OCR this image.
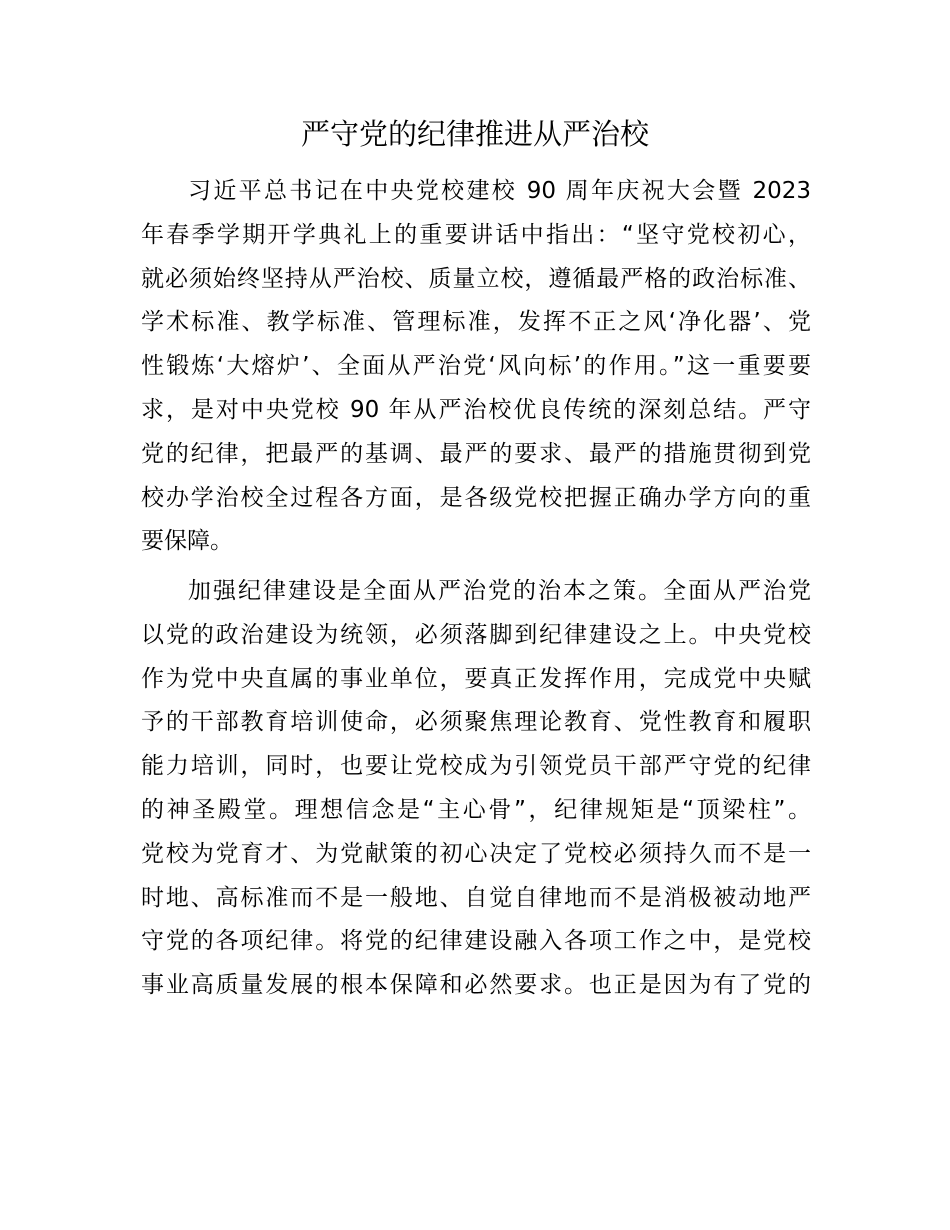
严守党的纪律推进从严治校
习近平总书记在中央党校建校 90 周年庆祝大会暨 2023
年春季学期开学典礼上的重要讲话中指出：“坚守党校初心，
就必须始终坚持从严治校、质量立校，遵循最严格的政治标准、
学术标准、教学标准、管理标准，发挥不正之风‘净化器’、党
性锻炼‘大熔炉’、全面从严治党‘风向标’的作用。”这一重要要
求，是对中央党校 90 年从严治校优良传统的深刻总结。严守
党的纪律，把最严的基调、最严的要求、最严的措施贯彻到党
校办学治校全过程各方面，是各级党校把握正确办学方向的重
要保障。
加强纪律建设是全面从严治党的治本之策。全面从严治党
以党的政治建设为统领，必须落脚到纪律建设之上。中央党校
作为党中央直属的事业单位，要真正发挥作用，完成党中央赋
予的干部教育培训使命，必须聚焦理论教育、党性教育和履职
能力培训，同时，也要让党校成为引领党员干部严守党的纪律
的神圣殿堂。理想信念是“主心骨”，纪律规矩是“顶梁柱”。
党校为党育才、为党献策的初心决定了党校必须持久而不是一
时地、高标准而不是一般地、自觉自律地而不是消极被动地严
守党的各项纪律。将党的纪律建设融入各项工作之中，是党校
事业高质量发展的根本保障和必然要求。也正是因为有了党的
